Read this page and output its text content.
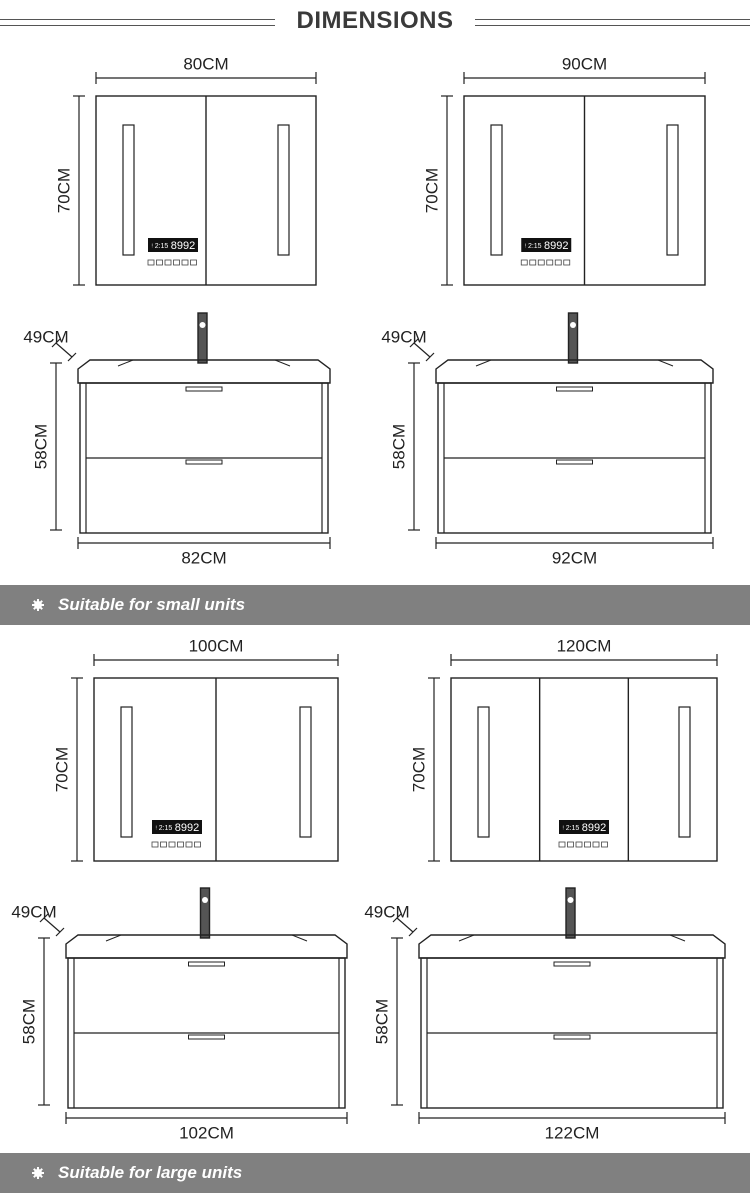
DIMENSIONS
Suitable for small units
Suitable for large units
ᵎ 2:15 8992
80CM
70CM
58CM
82CM
49CM
ᵎ 2:15 8992
90CM
70CM
58CM
92CM
49CM
ᵎ 2:15 8992
100CM
70CM
58CM
102CM
49CM
ᵎ 2:15 8992
120CM
70CM
58CM
122CM
49CM
